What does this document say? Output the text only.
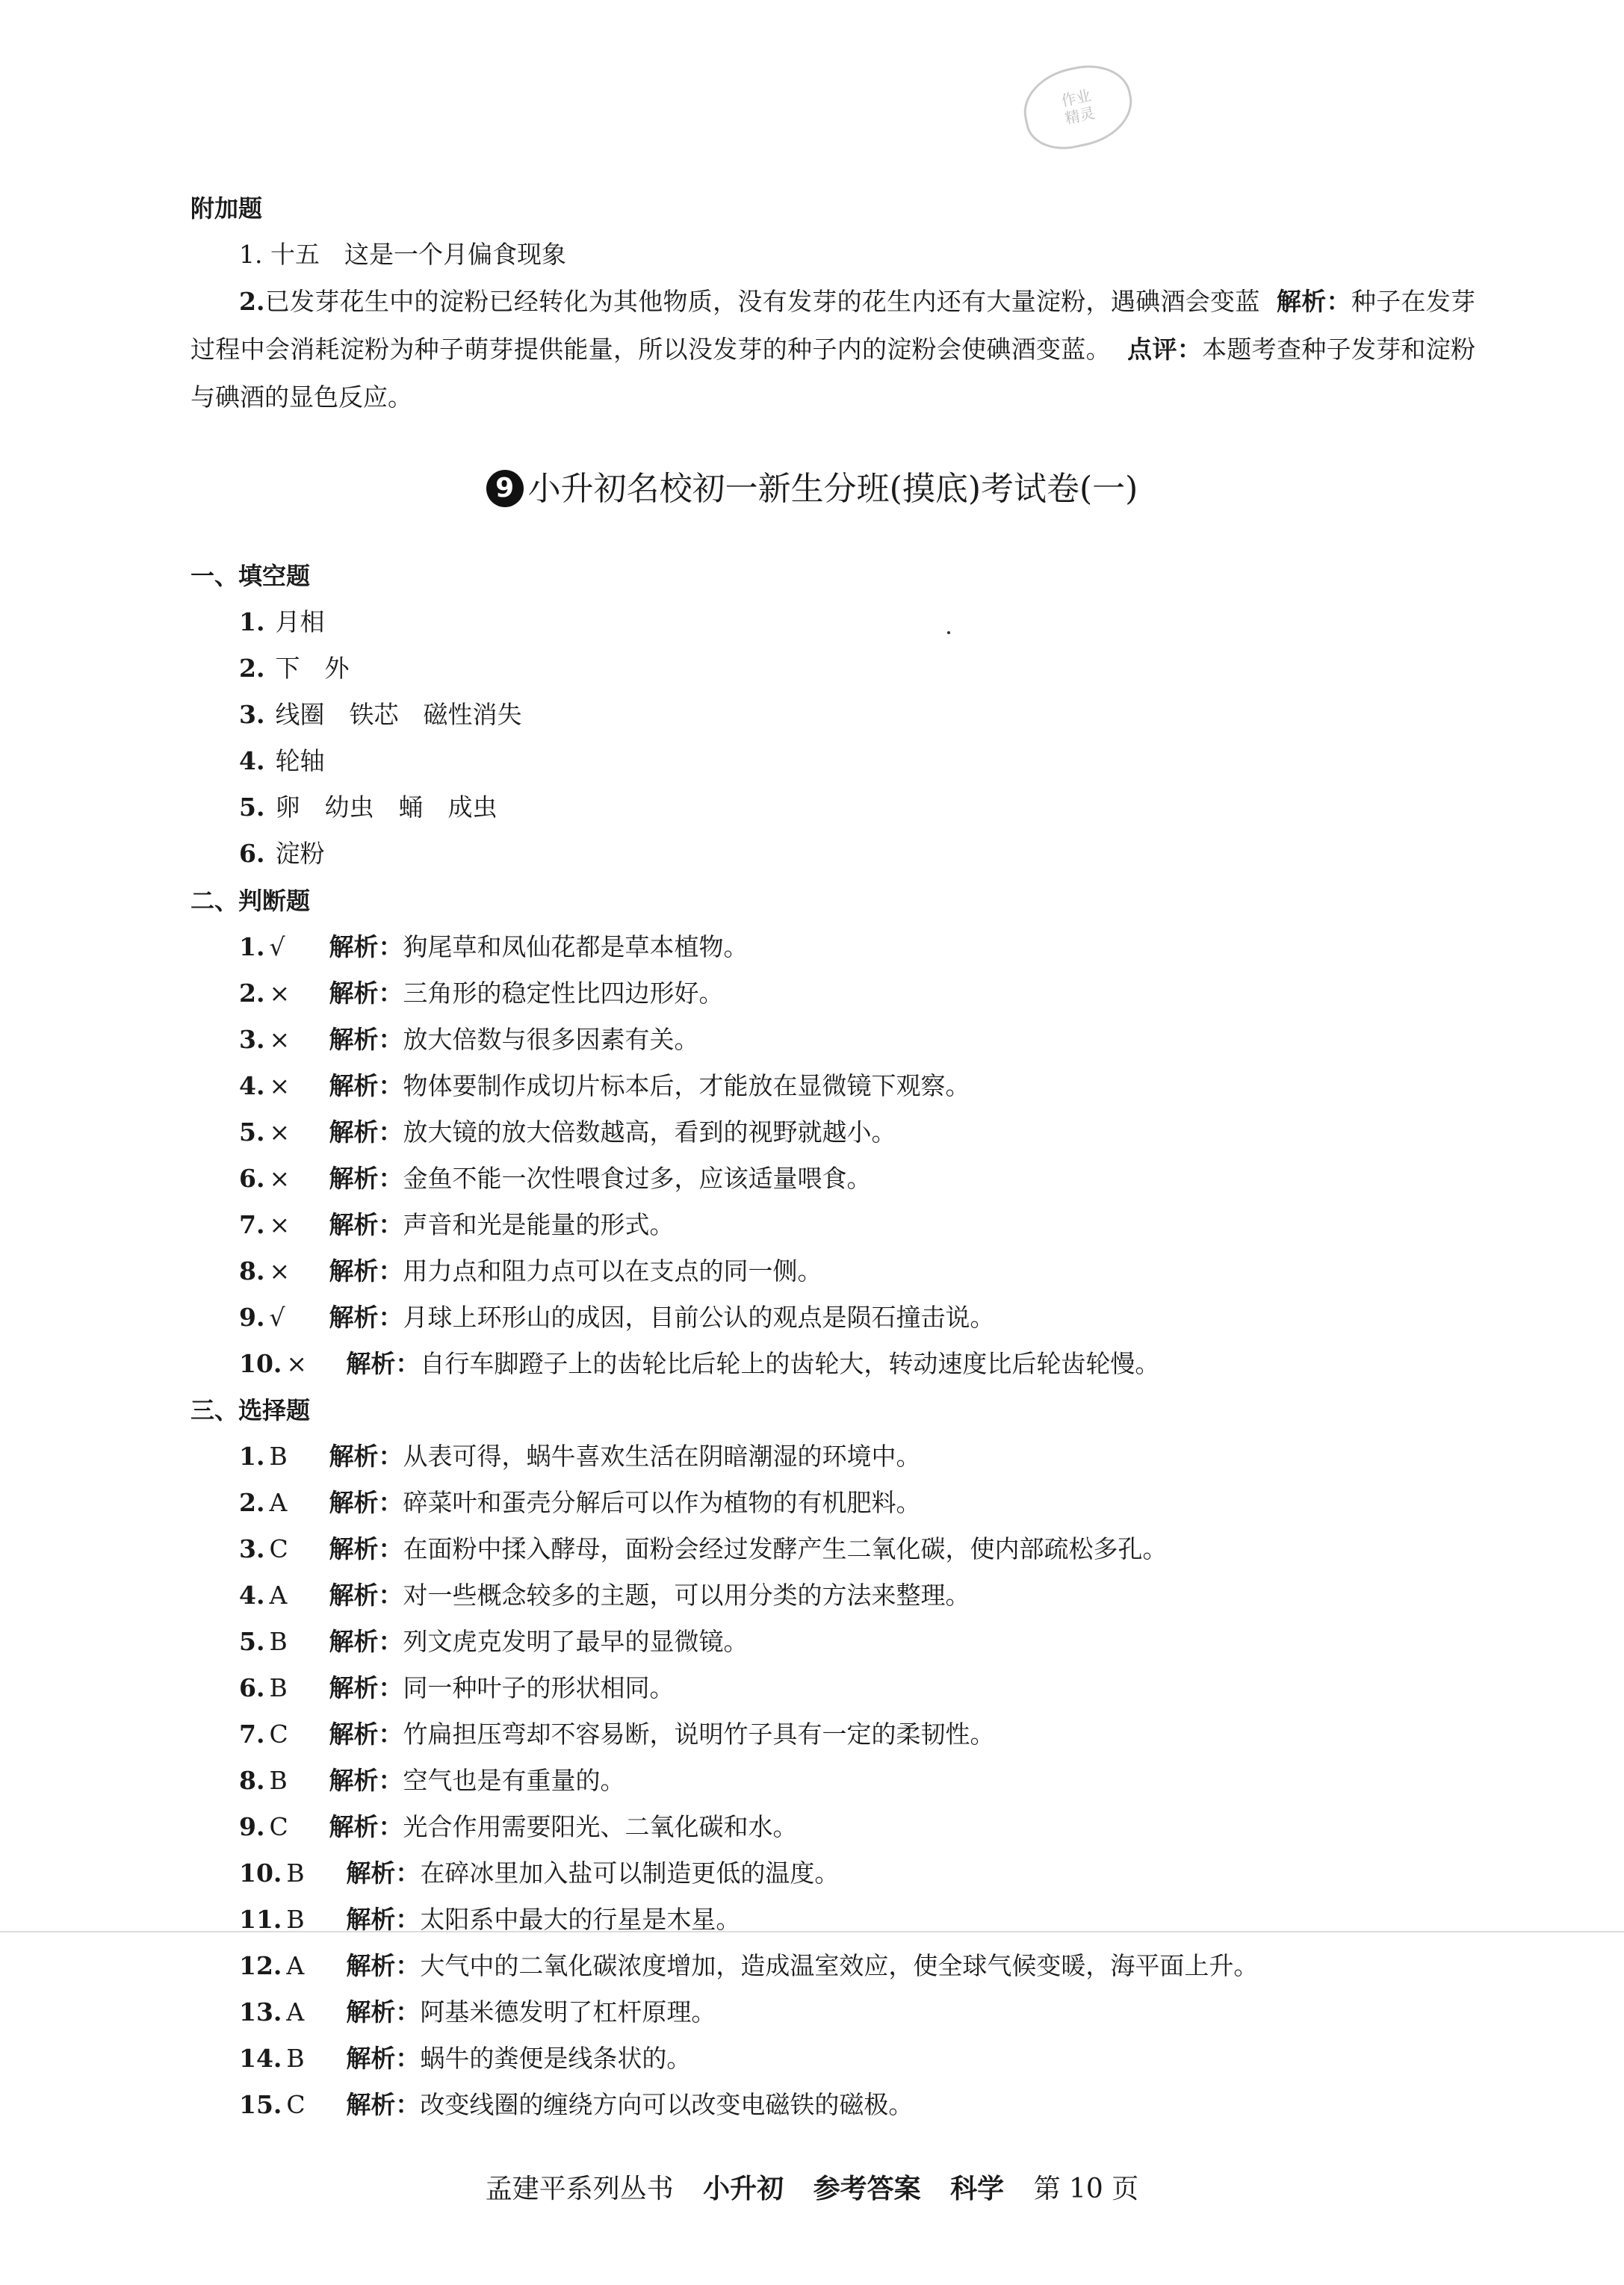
作业
精灵
附加题
1. 十五　这是一个月偏食现象
2.已发芽花生中的淀粉已经转化为其他物质，没有发芽的花生内还有大量淀粉，遇碘酒会变蓝 解析：种子在发芽过程中会消耗淀粉为种子萌芽提供能量，所以没发芽的种子内的淀粉会使碘酒变蓝。 点评：本题考查种子发芽和淀粉与碘酒的显色反应。
9 小升初名校初一新生分班(摸底)考试卷(一)
一、填空题
1. 月相
2. 下　外
3. 线圈　铁芯　磁性消失
4. 轮轴
5. 卵　幼虫　蛹　成虫
6. 淀粉
二、判断题
1. √ 解析：狗尾草和凤仙花都是草本植物。
2. × 解析：三角形的稳定性比四边形好。
3. × 解析：放大倍数与很多因素有关。
4. × 解析：物体要制作成切片标本后，才能放在显微镜下观察。
5. × 解析：放大镜的放大倍数越高，看到的视野就越小。
6. × 解析：金鱼不能一次性喂食过多，应该适量喂食。
7. × 解析：声音和光是能量的形式。
8. × 解析：用力点和阻力点可以在支点的同一侧。
9. √ 解析：月球上环形山的成因，目前公认的观点是陨石撞击说。
10. × 解析：自行车脚蹬子上的齿轮比后轮上的齿轮大，转动速度比后轮齿轮慢。
三、选择题
1. B 解析：从表可得，蜗牛喜欢生活在阴暗潮湿的环境中。
2. A 解析：碎菜叶和蛋壳分解后可以作为植物的有机肥料。
3. C 解析：在面粉中揉入酵母，面粉会经过发酵产生二氧化碳，使内部疏松多孔。
4. A 解析：对一些概念较多的主题，可以用分类的方法来整理。
5. B 解析：列文虎克发明了最早的显微镜。
6. B 解析：同一种叶子的形状相同。
7. C 解析：竹扁担压弯却不容易断，说明竹子具有一定的柔韧性。
8. B 解析：空气也是有重量的。
9. C 解析：光合作用需要阳光、二氧化碳和水。
10. B 解析：在碎冰里加入盐可以制造更低的温度。
11. B 解析：太阳系中最大的行星是木星。
12. A 解析：大气中的二氧化碳浓度增加，造成温室效应，使全球气候变暖，海平面上升。
13. A 解析：阿基米德发明了杠杆原理。
14. B 解析：蜗牛的粪便是线条状的。
15. C 解析：改变线圈的缠绕方向可以改变电磁铁的磁极。
孟建平系列丛书 小升初 参考答案 科学 第 10 页
